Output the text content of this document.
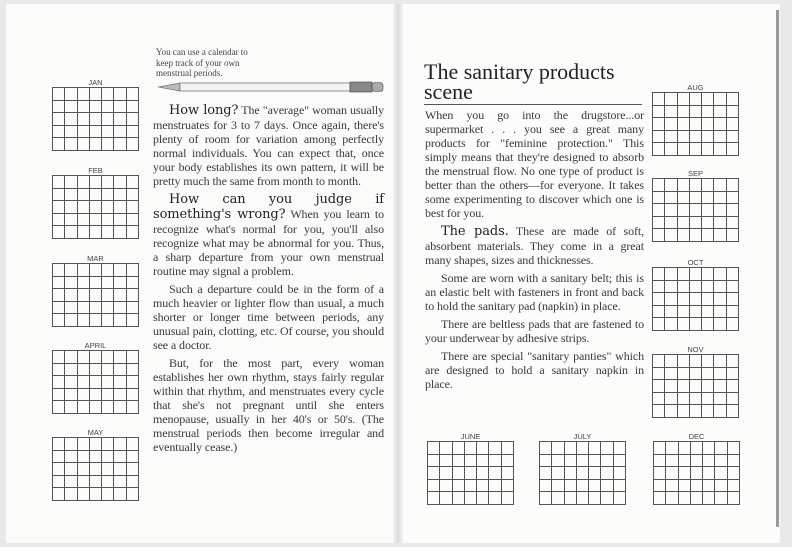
You can use a calendar to keep track of your own menstrual periods.

How long? The "average" woman usually menstruates for 3 to 7 days. Once again, there's plenty of room for variation among perfectly normal individuals. You can expect that, once your body establishes its own pattern, it will be pretty much the same from month to month.

How can you judge if something's wrong? When you learn to recognize what's normal for you, you'll also recognize what may be abnormal for you. Thus, a sharp departure from your own menstrual routine may signal a problem.

Such a departure could be in the form of a much heavier or lighter flow than usual, a much shorter or longer time between periods, any unusual pain, clotting, etc. Of course, you should see a doctor.

But, for the most part, every woman establishes her own rhythm, stays fairly regular within that rhythm, and menstruates every cycle that she's not pregnant until she enters menopause, usually in her 40's or 50's. (The menstrual periods then become irregular and eventually cease.)

The sanitary products scene

When you go into the drugstore...or supermarket . . . you see a great many products for "feminine protection." This simply means that they're designed to absorb the menstrual flow. No one type of product is better than the others—for everyone. It takes some experimenting to discover which one is best for you.

The pads. These are made of soft, absorbent materials. They come in a great many shapes, sizes and thicknesses.

Some are worn with a sanitary belt; this is an elastic belt with fasteners in front and back to hold the sanitary pad (napkin) in place.

There are beltless pads that are fastened to your underwear by adhesive strips.

There are special "sanitary panties" which are designed to hold a sanitary napkin in place.

JAN
FEB
MAR
APRIL
MAY
AUG
SEP
OCT
NOV
JUNE	JULY	DEC
